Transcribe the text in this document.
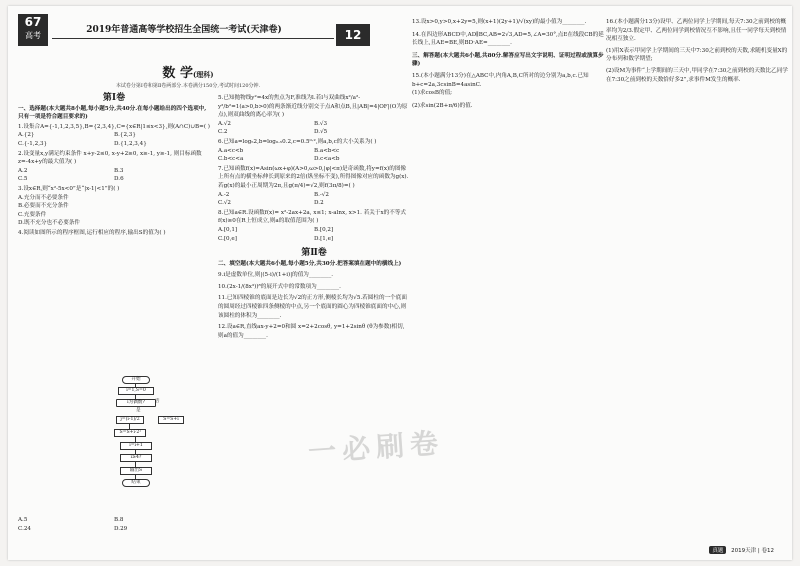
67
高考
2019年普通高等学校招生全国统一考试(天津卷)	12
数 学(理科)
本试卷分第Ⅰ卷和第Ⅱ卷两部分.本卷满分150分,考试时间120分钟.
第Ⅰ卷
一、选择题(本大题共8小题,每小题5分,共40分.在每小题给出的四个选项中,只有一项是符合题目要求的)
1.设集合A={-1,1,2,3,5},B={2,3,4},C={x∈R|1≤x<3},则(A∩C)∪B=( )
A.{2}	B.{2,3}
C.{-1,2,3}	D.{1,2,3,4}
2.设变量x,y满足约束条件 x+y-2≤0, x-y+2≥0, x≥-1, y≥-1, 则目标函数z=-4x+y的最大值为( )
A.2	B.3
C.5	D.6
3.设x∈R,则“x²-5x<0”是“|x-1|<1”的( )
A.充分而不必要条件
B.必要而不充分条件
C.充要条件
D.既不充分也不必要条件
4.阅读如图所示的程序框图,运行相应的程序,输出S的值为( )
开始
i=1,S=0
i为偶数?	否
是
j=(i-1)/2	S=S+i
S=S+i·2ʲ
i=i+1
i≥4?
输出S
结束
A.5	B.8
C.24	D.29
5.已知抛物线y²=4x的焦点为F,准线为l.若l与双曲线x²/a²-y²/b²=1(a>0,b>0)的两条渐近线分别交于点A和点B,且|AB|=4|OF|(O为原点),则双曲线的离心率为( )
A.√2	B.√3
C.2	D.√5
6.已知a=log₅2,b=log₀.₅0.2,c=0.5⁰·²,则a,b,c的大小关系为( )
A.a<c<b	B.a<b<c
C.b<c<a	D.c<a<b
7.已知函数f(x)=Asin(ωx+φ)(A>0,ω>0,|φ|<π)是奇函数,将y=f(x)的图像上所有点的横坐标伸长到原来的2倍(纵坐标不变),所得图像对应的函数为g(x).若g(x)的最小正周期为2π,且g(π/4)=√2,则f(3π/8)=( )
A.-2	B.-√2
C.√2	D.2
8.已知a∈R.设函数f(x)= x²-2ax+2a, x≤1; x-alnx, x>1. 若关于x的不等式f(x)≥0在R上恒成立,则a的取值范围为( )
A.[0,1]	B.[0,2]
C.[0,e]	D.[1,e]
第Ⅱ卷
二、填空题(本大题共6小题,每小题5分,共30分.把答案填在题中的横线上)
9.i是虚数单位,则|(5-i)/(1+i)|的值为________.
10.(2x-1/(8x³))⁸的展开式中的常数项为________.
11.已知四棱锥的底面是边长为√2的正方形,侧棱长均为√5.若圆柱的一个底面的圆周经过四棱锥四条侧棱的中点,另一个底面的圆心为四棱锥底面的中心,则该圆柱的体积为________.
12.设a∈R,直线ax-y+2=0和圆 x=2+2cosθ, y=1+2sinθ (θ为参数)相切,则a的值为________.
13.设x>0,y>0,x+2y=5,则(x+1)(2y+1)/√(xy)的最小值为________.
14.在四边形ABCD中,AD∥BC,AB=2√3,AD=5,∠A=30°,点E在线段CB的延长线上,且AE=BE,则BD·AE=________.
三、解答题(本大题共6小题,共80分.解答应写出文字说明、证明过程或演算步骤)
15.(本小题满分13分)在△ABC中,内角A,B,C所对的边分别为a,b,c.已知b+c=2a,3csinB=4asinC.
(1)求cosB的值;
(2)求sin(2B+π/6)的值.
16.(本小题满分13分)设甲、乙两位同学上学期间,每天7:30之前到校的概率均为2/3.假定甲、乙两位同学到校情况互不影响,且任一同学每天到校情况相互独立.
(1)用X表示甲同学上学期间的三天中7:30之前到校的天数,求随机变量X的分布列和数学期望;
(2)设M为事件“上学期间的三天中,甲同学在7:30之前到校的天数比乙同学在7:30之前到校的天数恰好多2”,求事件M发生的概率.
一必刷卷
真题 2019天津 | 卷12
